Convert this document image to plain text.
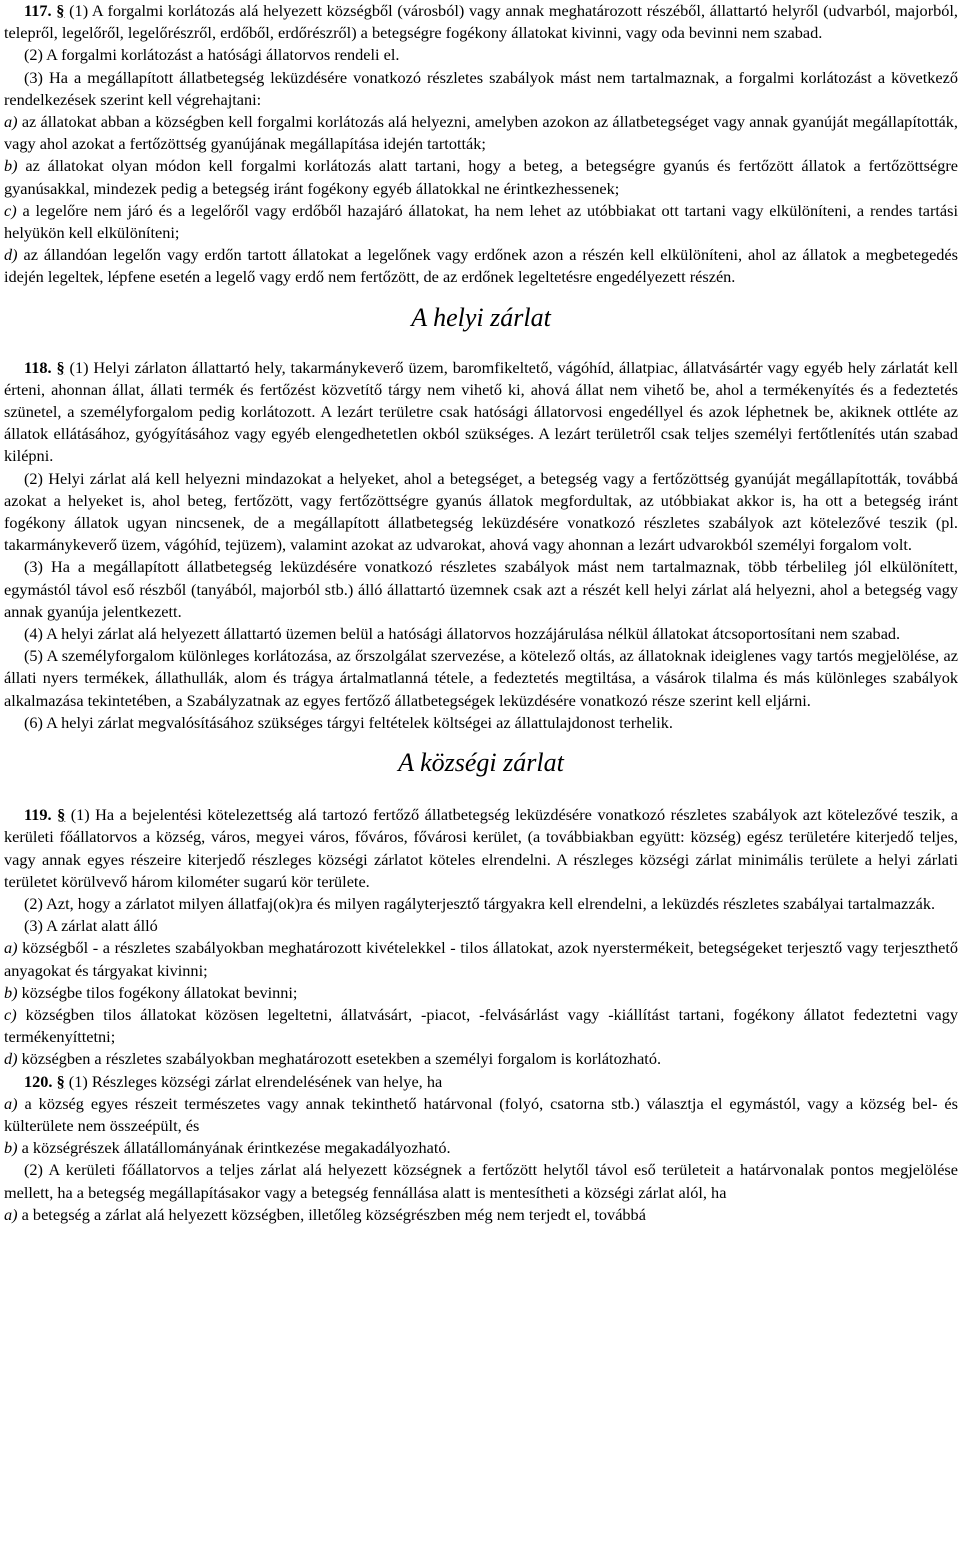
117. § (1) A forgalmi korlátozás alá helyezett községből (városból) vagy annak meghatározott részéből, állattartó helyről (udvarból, majorból, telepről, legelőről, legelőrészről, erdőből, erdőrészről) a betegségre fogékony állatokat kivinni, vagy oda bevinni nem szabad.

(2) A forgalmi korlátozást a hatósági állatorvos rendeli el.

(3) Ha a megállapított állatbetegség leküzdésére vonatkozó részletes szabályok mást nem tartalmaznak, a forgalmi korlátozást a következő rendelkezések szerint kell végrehajtani:

a) az állatokat abban a községben kell forgalmi korlátozás alá helyezni, amelyben azokon az állatbetegséget vagy annak gyanúját megállapították, vagy ahol azokat a fertőzöttség gyanújának megállapítása idején tartották;

b) az állatokat olyan módon kell forgalmi korlátozás alatt tartani, hogy a beteg, a betegségre gyanús és fertőzött állatok a fertőzöttségre gyanúsakkal, mindezek pedig a betegség iránt fogékony egyéb állatokkal ne érintkezhessenek;

c) a legelőre nem járó és a legelőről vagy erdőből hazajáró állatokat, ha nem lehet az utóbbiakat ott tartani vagy elkülöníteni, a rendes tartási helyükön kell elkülöníteni;

d) az állandóan legelőn vagy erdőn tartott állatokat a legelőnek vagy erdőnek azon a részén kell elkülöníteni, ahol az állatok a megbetegedés idején legeltek, lépfene esetén a legelő vagy erdő nem fertőzött, de az erdőnek legeltetésre engedélyezett részén.

A helyi zárlat

118. § (1) Helyi zárlaton állattartó hely, takarmánykeverő üzem, baromfikeltető, vágóhíd, állatpiac, állatvásártér vagy egyéb hely zárlatát kell érteni, ahonnan állat, állati termék és fertőzést közvetítő tárgy nem vihető ki, ahová állat nem vihető be, ahol a termékenyítés és a fedeztetés szünetel, a személyforgalom pedig korlátozott. A lezárt területre csak hatósági állatorvosi engedéllyel és azok léphetnek be, akiknek ottléte az állatok ellátásához, gyógyításához vagy egyéb elengedhetetlen okból szükséges. A lezárt területről csak teljes személyi fertőtlenítés után szabad kilépni.

(2) Helyi zárlat alá kell helyezni mindazokat a helyeket, ahol a betegséget, a betegség vagy a fertőzöttség gyanúját megállapították, továbbá azokat a helyeket is, ahol beteg, fertőzött, vagy fertőzöttségre gyanús állatok megfordultak, az utóbbiakat akkor is, ha ott a betegség iránt fogékony állatok ugyan nincsenek, de a megállapított állatbetegség leküzdésére vonatkozó részletes szabályok azt kötelezővé teszik (pl. takarmánykeverő üzem, vágóhíd, tejüzem), valamint azokat az udvarokat, ahová vagy ahonnan a lezárt udvarokból személyi forgalom volt.

(3) Ha a megállapított állatbetegség leküzdésére vonatkozó részletes szabályok mást nem tartalmaznak, több térbelileg jól elkülönített, egymástól távol eső részből (tanyából, majorból stb.) álló állattartó üzemnek csak azt a részét kell helyi zárlat alá helyezni, ahol a betegség vagy annak gyanúja jelentkezett.

(4) A helyi zárlat alá helyezett állattartó üzemen belül a hatósági állatorvos hozzájárulása nélkül állatokat átcsoportosítani nem szabad.

(5) A személyforgalom különleges korlátozása, az őrszolgálat szervezése, a kötelező oltás, az állatoknak ideiglenes vagy tartós megjelölése, az állati nyers termékek, állathullák, alom és trágya ártalmatlanná tétele, a fedeztetés megtiltása, a vásárok tilalma és más különleges szabályok alkalmazása tekintetében, a Szabályzatnak az egyes fertőző állatbetegségek leküzdésére vonatkozó része szerint kell eljárni.

(6) A helyi zárlat megvalósításához szükséges tárgyi feltételek költségei az állattulajdonost terhelik.

A községi zárlat

119. § (1) Ha a bejelentési kötelezettség alá tartozó fertőző állatbetegség leküzdésére vonatkozó részletes szabályok azt kötelezővé teszik, a kerületi főállatorvos a község, város, megyei város, főváros, fővárosi kerület, (a továbbiakban együtt: község) egész területére kiterjedő teljes, vagy annak egyes részeire kiterjedő részleges községi zárlatot köteles elrendelni. A részleges községi zárlat minimális területe a helyi zárlati területet körülvevő három kilométer sugarú kör területe.

(2) Azt, hogy a zárlatot milyen állatfaj(ok)ra és milyen ragályterjesztő tárgyakra kell elrendelni, a leküzdés részletes szabályai tartalmazzák.

(3) A zárlat alatt álló

a) községből - a részletes szabályokban meghatározott kivételekkel - tilos állatokat, azok nyerstermékeit, betegségeket terjesztő vagy terjeszthető anyagokat és tárgyakat kivinni;

b) községbe tilos fogékony állatokat bevinni;

c) községben tilos állatokat közösen legeltetni, állatvásárt, -piacot, -felvásárlást vagy -kiállítást tartani, fogékony állatot fedeztetni vagy termékenyíttetni;

d) községben a részletes szabályokban meghatározott esetekben a személyi forgalom is korlátozható.

120. § (1) Részleges községi zárlat elrendelésének van helye, ha

a) a község egyes részeit természetes vagy annak tekinthető határvonal (folyó, csatorna stb.) választja el egymástól, vagy a község bel- és külterülete nem összeépült, és

b) a községrészek állatállományának érintkezése megakadályozható.

(2) A kerületi főállatorvos a teljes zárlat alá helyezett községnek a fertőzött helytől távol eső területeit a határvonalak pontos megjelölése mellett, ha a betegség megállapításakor vagy a betegség fennállása alatt is mentesítheti a községi zárlat alól, ha

a) a betegség a zárlat alá helyezett községben, illetőleg községrészben még nem terjedt el, továbbá
